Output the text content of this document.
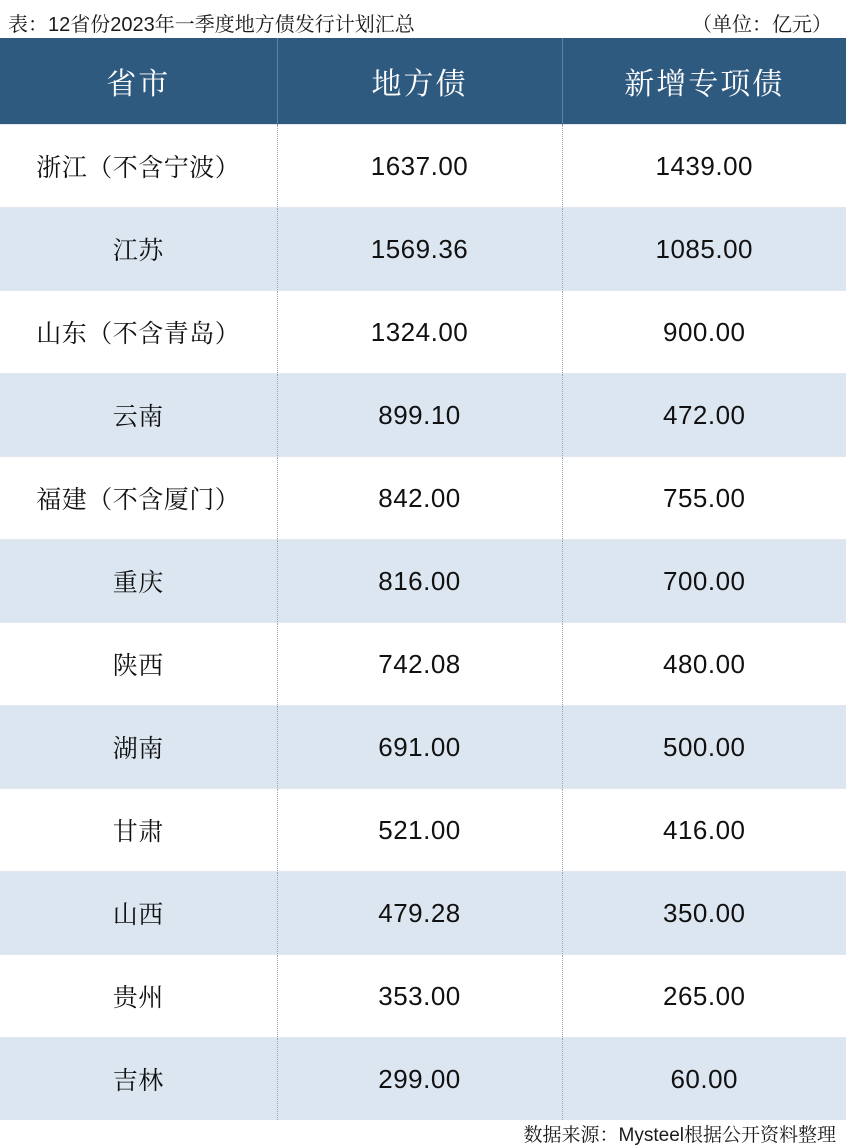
表：12省份2023年一季度地方债发行计划汇总	（单位：亿元）
省市	地方债	新增专项债
浙江（不含宁波）	1637.00	1439.00
江苏	1569.36	1085.00
山东（不含青岛）	1324.00	900.00
云南	899.10	472.00
福建（不含厦门）	842.00	755.00
重庆	816.00	700.00
陕西	742.08	480.00
湖南	691.00	500.00
甘肃	521.00	416.00
山西	479.28	350.00
贵州	353.00	265.00
吉林	299.00	60.00
数据来源：Mysteel根据公开资料整理
